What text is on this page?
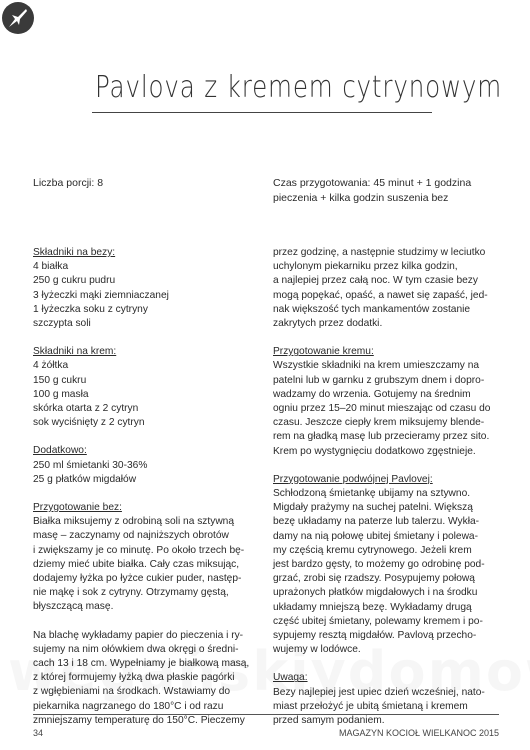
Pavlova z kremem cytrynowym
Liczba porcji: 8	Czas przygotowania: 45 minut + 1 godzina
pieczenia + kilka godzin suszenia bez
Składniki na bezy:
4 białka
250 g cukru pudru
3 łyżeczki mąki ziemniaczanej
1 łyżeczka soku z cytryny
szczypta soli
Składniki na krem:
4 żółtka
150 g cukru
100 g masła
skórka otarta z 2 cytryn
sok wyciśnięty z 2 cytryn
Dodatkowo:
250 ml śmietanki 30-36%
25 g płatków migdałów
Przygotowanie bez:
Białka miksujemy z odrobiną soli na sztywną
masę – zaczynamy od najniższych obrotów
i zwiększamy je co minutę. Po około trzech bę-
dziemy mieć ubite białka. Cały czas miksując,
dodajemy łyżka po łyżce cukier puder, następ-
nie mąkę i sok z cytryny. Otrzymamy gęstą,
błyszczącą masę.
Na blachę wykładamy papier do pieczenia i ry-
sujemy na nim ołówkiem dwa okręgi o średni-
cach 13 i 18 cm. Wypełniamy je białkową masą,
z której formujemy łyżką dwa płaskie pagórki
z wgłębieniami na środkach. Wstawiamy do
piekarnika nagrzanego do 180°C i od razu
zmniejszamy temperaturę do 150°C. Pieczemy
przez godzinę, a następnie studzimy w leciutko
uchylonym piekarniku przez kilka godzin,
a najlepiej przez całą noc. W tym czasie bezy
mogą popękać, opaść, a nawet się zapaść, jed-
nak większość tych mankamentów zostanie
zakrytych przez dodatki.
Przygotowanie kremu:
Wszystkie składniki na krem umieszczamy na
patelni lub w garnku z grubszym dnem i dopro-
wadzamy do wrzenia. Gotujemy na średnim
ogniu przez 15–20 minut mieszając od czasu do
czasu. Jeszcze ciepły krem miksujemy blende-
rem na gładką masę lub przecieramy przez sito.
Krem po wystygnięciu dodatkowo zgęstnieje.
Przygotowanie podwójnej Pavlovej:
Schłodzoną śmietankę ubijamy na sztywno.
Migdały prażymy na suchej patelni. Większą
bezę układamy na paterze lub talerzu. Wykła-
damy na nią połowę ubitej śmietany i polewa-
my częścią kremu cytrynowego. Jeżeli krem
jest bardzo gęsty, to możemy go odrobinę pod-
grzać, zrobi się rzadszy. Posypujemy połową
uprażonych płatków migdałowych i na środku
układamy mniejszą bezę. Wykładamy drugą
część ubitej śmietany, polewamy kremem i po-
sypujemy resztą migdałów. Pavlovą przecho-
wujemy w lodówce.
Uwaga:
Bezy najlepiej jest upiec dzień wcześniej, nato-
miast przełożyć je ubitą śmietaną i kremem
przed samym podaniem.
34	MAGAZYN KOCIOŁ WIELKANOC 2015
